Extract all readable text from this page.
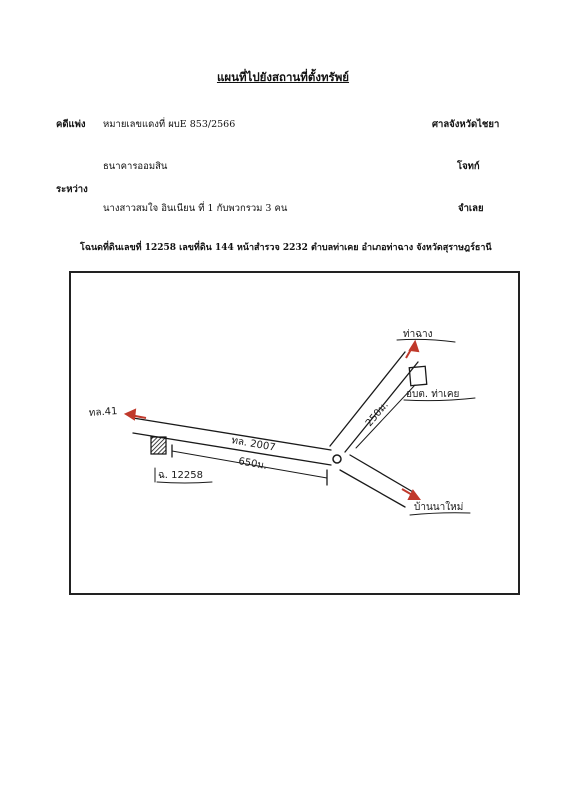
แผนที่ไปยังสถานที่ตั้งทรัพย์
คดีแพ่ง หมายเลขแดงที่ ผบE 853/2566	ศาลจังหวัดไชยา
ธนาคารออมสิน	โจทก์
ระหว่าง
นางสาวสมใจ อินเนียน ที่ 1 กับพวกรวม 3 คน	จำเลย
โฉนดที่ดินเลขที่ 12258 เลขที่ดิน 144 หน้าสำรวจ 2232 ตำบลท่าเคย อำเภอท่าฉาง จังหวัดสุราษฎร์ธานี
ทล.41
ทล. 2007
650ม.
ท่าฉาง
อบต. ท่าเคย
250ม.
บ้านนาใหม่
ฉ. 12258
